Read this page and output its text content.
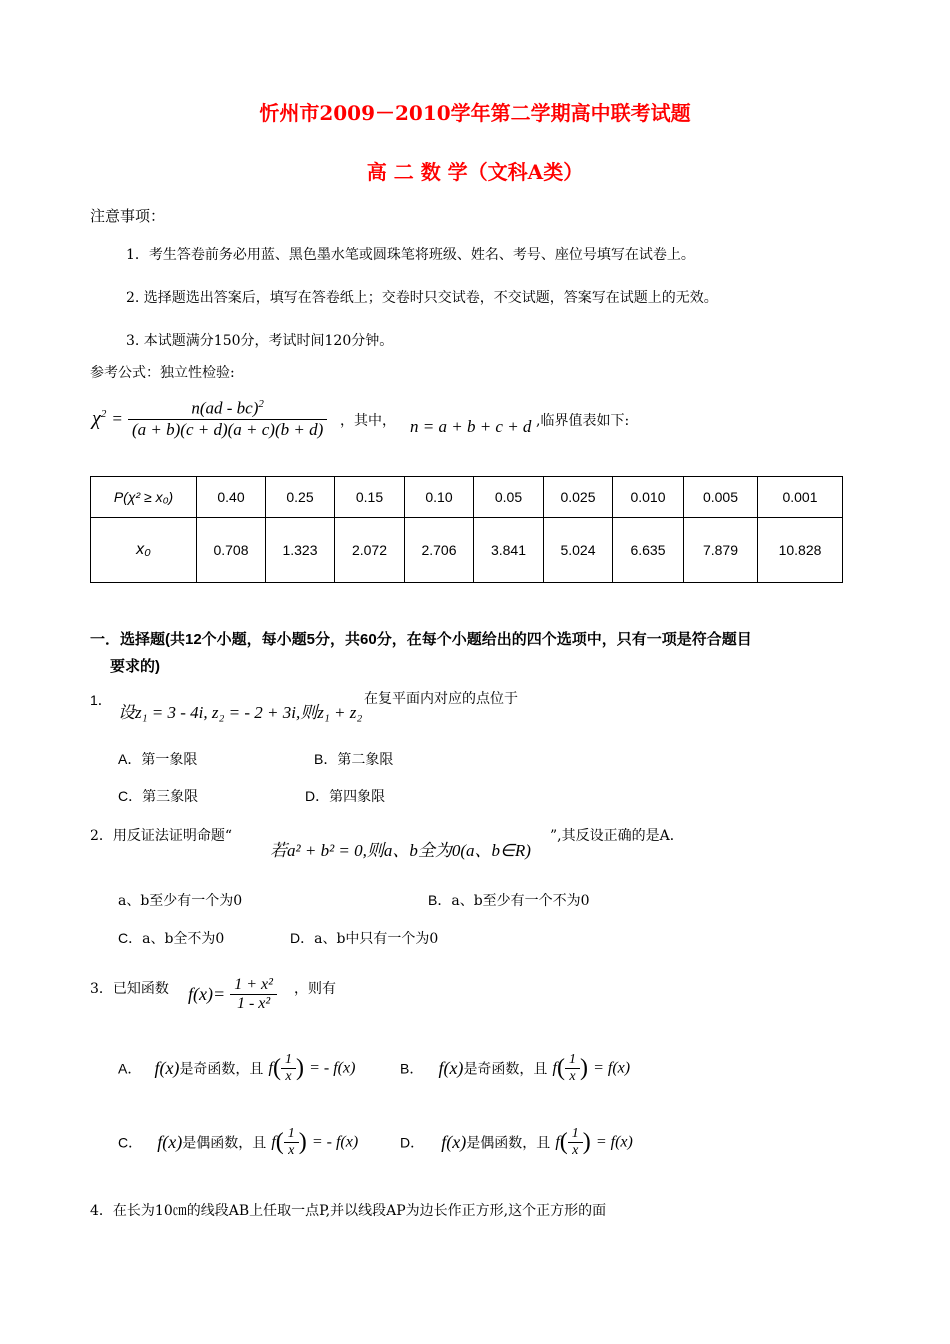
忻州市2009－2010学年第二学期高中联考试题
高 二 数 学（文科A类）
注意事项：
1．考生答卷前务必用蓝、黑色墨水笔或圆珠笔将班级、姓名、考号、座位号填写在试卷上。
2. 选择题选出答案后，填写在答卷纸上；交卷时只交试卷，不交试题，答案写在试题上的无效。
3. 本试题满分150分，考试时间120分钟。
参考公式：独立性检验:
$\chi^2 = \frac{n(ad - bc)^2}{(a + b)(c + d)(a + c)(b + d)}$ ，其中， n = a + b + c + d ,临界值表如下:
P(χ² ≥ x₀)	0.40	0.25	0.15	0.10	0.05	0.025	0.010	0.005	0.001
x₀	0.708	1.323	2.072	2.706	3.841	5.024	6.635	7.879	10.828
一．选择题(共12个小题，每小题5分，共60分，在每个小题给出的四个选项中，只有一项是符合题目
要求的)
1．
设z₁ = 3 - 4i, z₂ = - 2 + 3i,则z₁ + z₂
在复平面内对应的点位于
A．第一象限	B．第二象限
C．第三象限	D．第四象限
2．用反证法证明命题“
若a² + b² = 0,则a、b全为0(a、b∈R)
”,其反设正确的是A．
a、b至少有一个为0	B．a、b至少有一个不为0
C．a、b全不为0	D．a、b中只有一个为0
3．已知函数 $f(x)= \frac{\text{1 + x²}}{\text{1 - x²}}$ ，则有
A． f(x)是奇函数，且 $f( \frac{1}{x}$ ) = - f(x)	B． f(x)是奇函数，且 $f( \frac{1}{x}$ ) = f(x)
C． f(x)是偶函数，且 $f( \frac{1}{x}$ ) = - f(x)	D． f(x)是偶函数，且 $f( \frac{1}{x}$ ) = f(x)
4．在长为10㎝的线段AB上任取一点P,并以线段AP为边长作正方形,这个正方形的面
